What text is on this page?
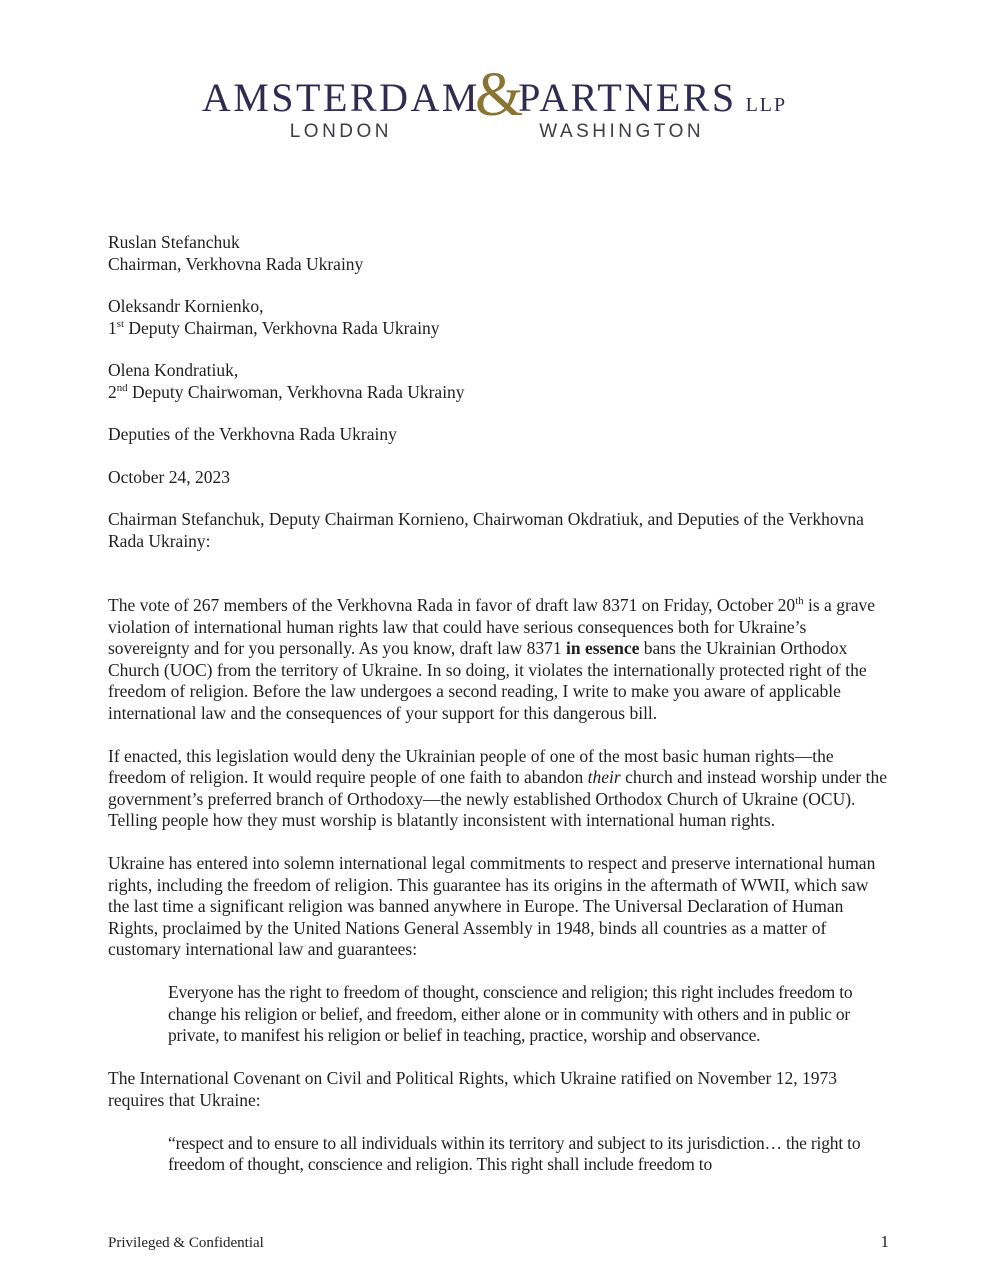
AMSTERDAM
LONDON
&
PARTNERS LLP
WASHINGTON
Ruslan Stefanchuk
Chairman, Verkhovna Rada Ukrainy
Oleksandr Kornienko,
1st Deputy Chairman, Verkhovna Rada Ukrainy
Olena Kondratiuk,
2nd Deputy Chairwoman, Verkhovna Rada Ukrainy
Deputies of the Verkhovna Rada Ukrainy
October 24, 2023
Chairman Stefanchuk, Deputy Chairman Kornieno, Chairwoman Okdratiuk, and Deputies of the Verkhovna Rada Ukrainy:

The vote of 267 members of the Verkhovna Rada in favor of draft law 8371 on Friday, October 20th is a grave violation of international human rights law that could have serious consequences both for Ukraine’s sovereignty and for you personally. As you know, draft law 8371 in essence bans the Ukrainian Orthodox Church (UOC) from the territory of Ukraine. In so doing, it violates the internationally protected right of the freedom of religion. Before the law undergoes a second reading, I write to make you aware of applicable international law and the consequences of your support for this dangerous bill.

If enacted, this legislation would deny the Ukrainian people of one of the most basic human rights—the freedom of religion. It would require people of one faith to abandon their church and instead worship under the government’s preferred branch of Orthodoxy—the newly established Orthodox Church of Ukraine (OCU). Telling people how they must worship is blatantly inconsistent with international human rights.

Ukraine has entered into solemn international legal commitments to respect and preserve international human rights, including the freedom of religion. This guarantee has its origins in the aftermath of WWII, which saw the last time a significant religion was banned anywhere in Europe. The Universal Declaration of Human Rights, proclaimed by the United Nations General Assembly in 1948, binds all countries as a matter of customary international law and guarantees:

Everyone has the right to freedom of thought, conscience and religion; this right includes freedom to change his religion or belief, and freedom, either alone or in community with others and in public or private, to manifest his religion or belief in teaching, practice, worship and observance.

The International Covenant on Civil and Political Rights, which Ukraine ratified on November 12, 1973 requires that Ukraine:

“respect and to ensure to all individuals within its territory and subject to its jurisdiction… the right to freedom of thought, conscience and religion. This right shall include freedom to

Privileged & Confidential	1
